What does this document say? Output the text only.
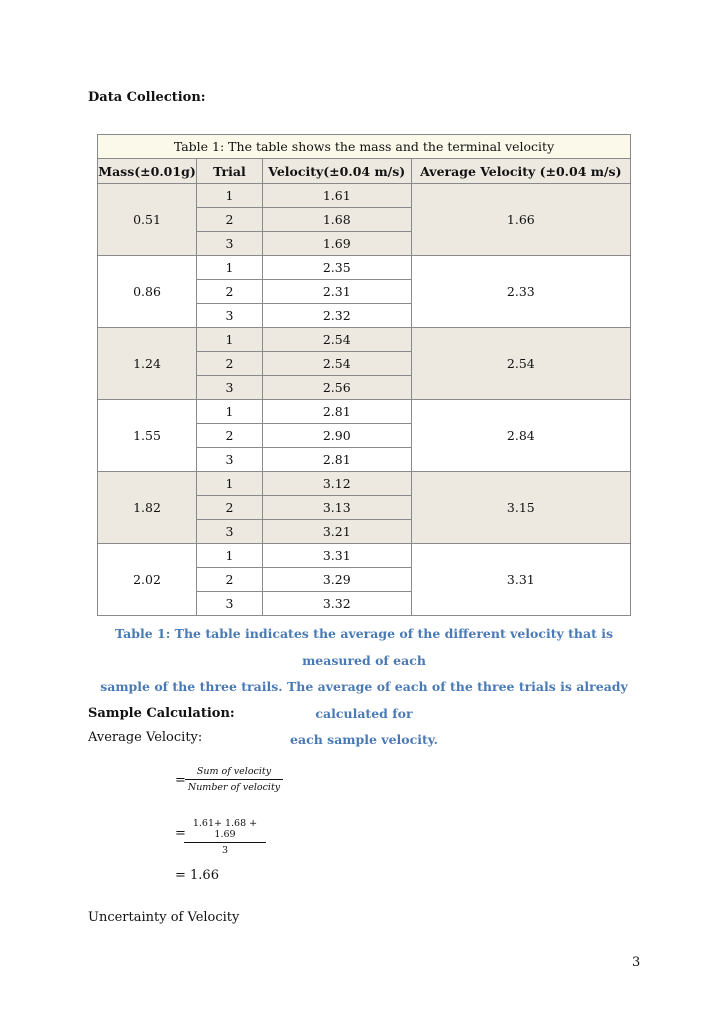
Data Collection:
Table 1: The table shows the mass and the terminal velocity			
Mass(±0.01g)	Trial	Velocity(±0.04 m/s)	Average Velocity (±0.04 m/s)
0.51	1	1.61	1.66
	2	1.68	
	3	1.69	
0.86	1	2.35	2.33
	2	2.31	
	3	2.32	
1.24	1	2.54	2.54
	2	2.54	
	3	2.56	
1.55	1	2.81	2.84
	2	2.90	
	3	2.81	
1.82	1	3.12	3.15
	2	3.13	
	3	3.21	
2.02	1	3.31	3.31
	2	3.29	
	3	3.32	
Table 1: The table indicates the average of the different velocity that is measured of each
sample of the three trails. The average of each of the three trials is already calculated for
each sample velocity.
Sample Calculation:
Average Velocity:
=
Sum of velocity
Number of velocity
=
1.61+ 1.68 + 1.69
3
= 1.66
Uncertainty of Velocity
3
